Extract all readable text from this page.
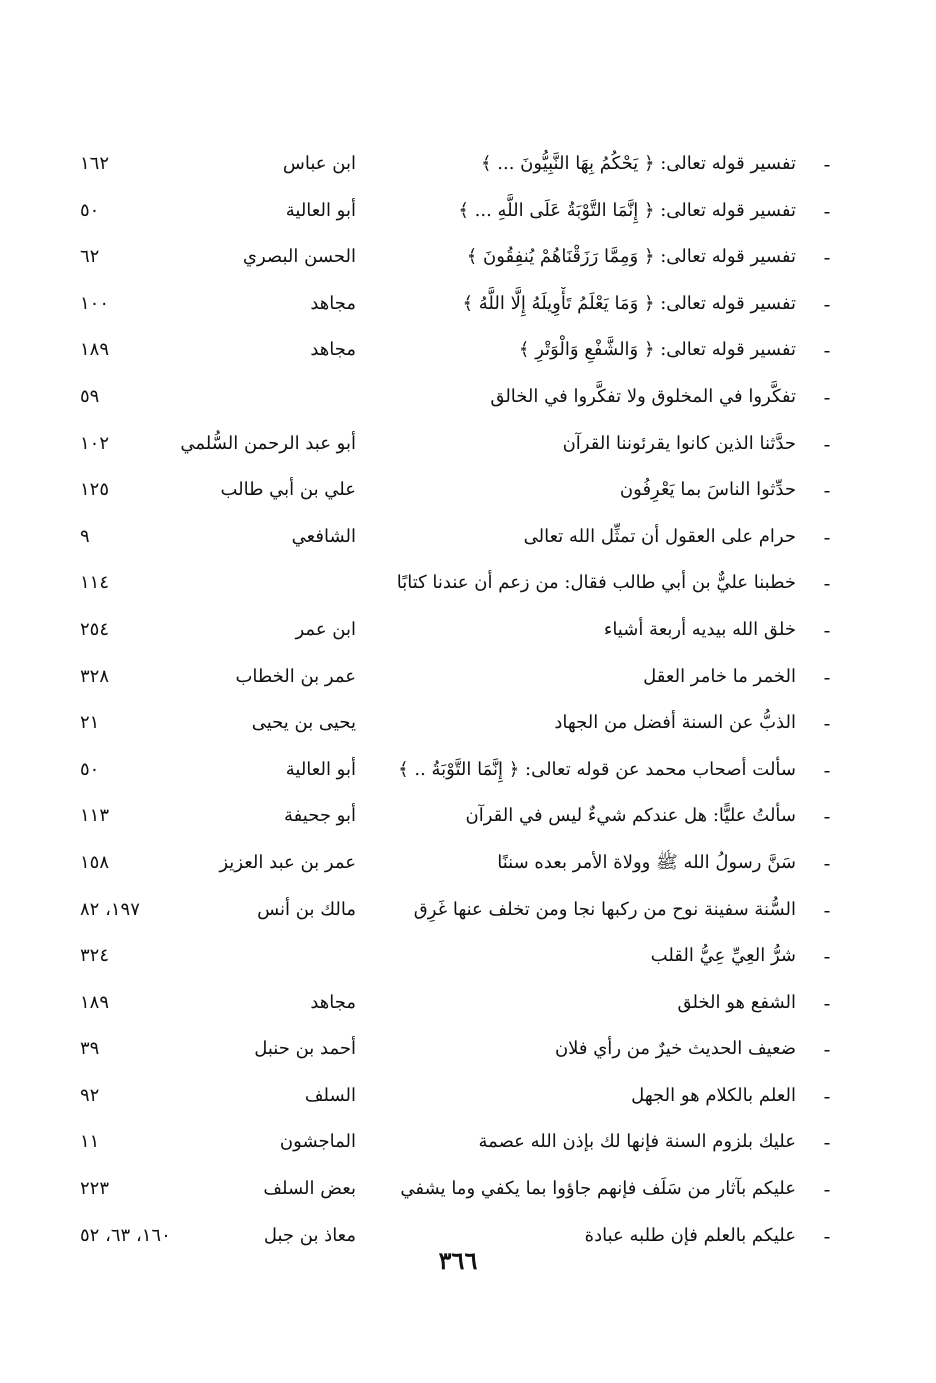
-
تفسير قوله تعالى: ﴿ يَحْكُمُ بِهَا النَّبِيُّونَ ... ﴾
ابن عباس
١٦٢
-
تفسير قوله تعالى: ﴿ إِنَّمَا التَّوْبَةُ عَلَى اللَّهِ ... ﴾
أبو العالية
٥٠
-
تفسير قوله تعالى: ﴿ وَمِمَّا رَزَقْنَاهُمْ يُنفِقُونَ ﴾
الحسن البصري
٦٢
-
تفسير قوله تعالى: ﴿ وَمَا يَعْلَمُ تَأْوِيلَهُ إِلَّا اللَّهُ ﴾
مجاهد
١٠٠
-
تفسير قوله تعالى: ﴿ وَالشَّفْعِ وَالْوَتْرِ ﴾
مجاهد
١٨٩
-
تفكَّروا في المخلوق ولا تفكَّروا في الخالق
٥٩
-
حدَّثنا الذين كانوا يقرئوننا القرآن
أبو عبد الرحمن السُّلمي
١٠٢
-
حدِّثوا الناسَ بما يَعْرِفُون
علي بن أبي طالب
١٢٥
-
حرام على العقول أن تمثِّل الله تعالى
الشافعي
٩
-
خطبنا عليٌّ بن أبي طالب فقال: من زعم أن عندنا كتابًا
١١٤
-
خلق الله بيديه أربعة أشياء
ابن عمر
٢٥٤
-
الخمر ما خامر العقل
عمر بن الخطاب
٣٢٨
-
الذبُّ عن السنة أفضل من الجهاد
يحيى بن يحيى
٢١
-
سألت أصحاب محمد عن قوله تعالى: ﴿ إِنَّمَا التَّوْبَةُ .. ﴾
أبو العالية
٥٠
-
سألتُ عليًّا: هل عندكم شيءٌ ليس في القرآن
أبو جحيفة
١١٣
-
سَنَّ رسولُ الله ﷺ وولاة الأمر بعده سننًا
عمر بن عبد العزيز
١٥٨
-
السُّنة سفينة نوح من ركبها نجا ومن تخلف عنها غَرِق
مالك بن أنس
١٩٧، ٨٢
-
شرُّ العِيِّ عِيُّ القلب
٣٢٤
-
الشفع هو الخلق
مجاهد
١٨٩
-
ضعيف الحديث خيرٌ من رأي فلان
أحمد بن حنبل
٣٩
-
العلم بالكلام هو الجهل
السلف
٩٢
-
عليك بلزوم السنة فإنها لك بإذن الله عصمة
الماجشون
١١
-
عليكم بآثار من سَلَف فإنهم جاؤوا بما يكفي وما يشفي
بعض السلف
٢٢٣
-
عليكم بالعلم فإن طلبه عبادة
معاذ بن جبل
١٦٠، ٦٣، ٥٢
٣٦٦
